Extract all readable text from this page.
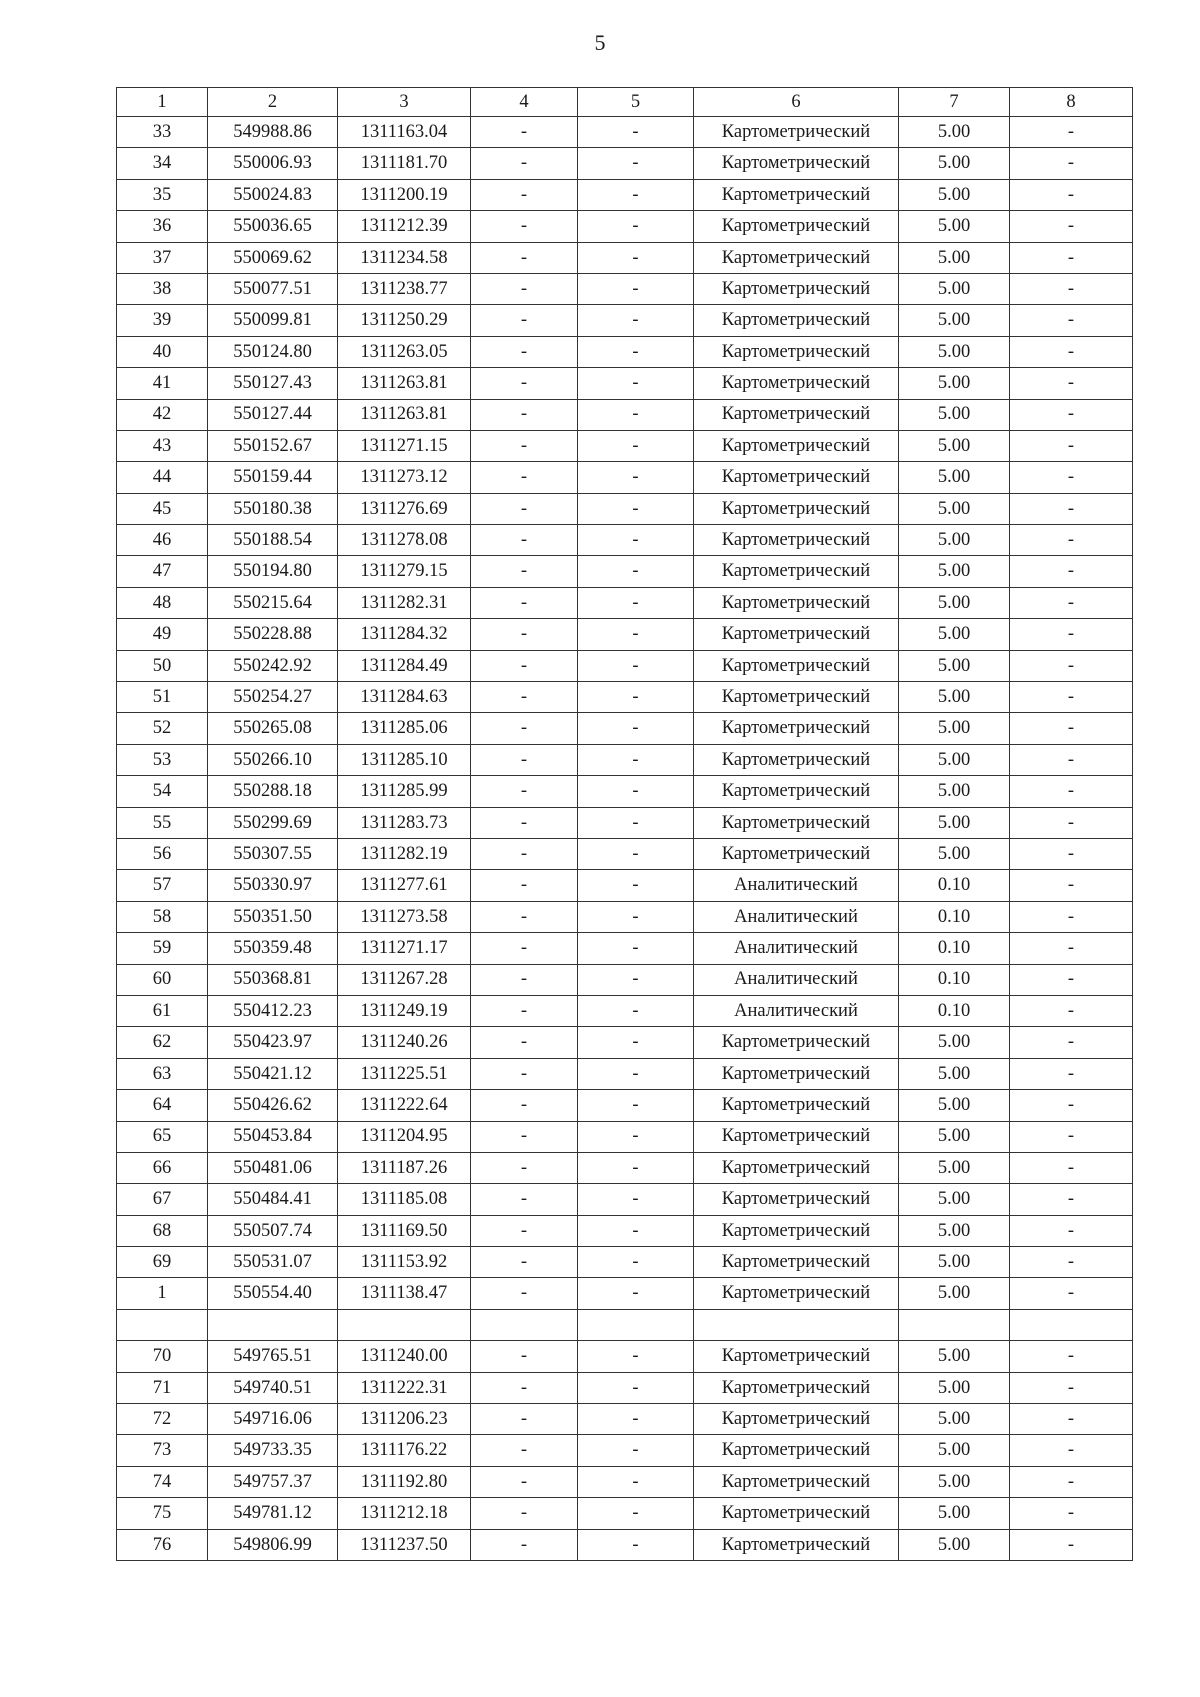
5
1	2	3	4	5	6	7	8
33	549988.86	1311163.04	-	-	Картометрический	5.00	-
34	550006.93	1311181.70	-	-	Картометрический	5.00	-
35	550024.83	1311200.19	-	-	Картометрический	5.00	-
36	550036.65	1311212.39	-	-	Картометрический	5.00	-
37	550069.62	1311234.58	-	-	Картометрический	5.00	-
38	550077.51	1311238.77	-	-	Картометрический	5.00	-
39	550099.81	1311250.29	-	-	Картометрический	5.00	-
40	550124.80	1311263.05	-	-	Картометрический	5.00	-
41	550127.43	1311263.81	-	-	Картометрический	5.00	-
42	550127.44	1311263.81	-	-	Картометрический	5.00	-
43	550152.67	1311271.15	-	-	Картометрический	5.00	-
44	550159.44	1311273.12	-	-	Картометрический	5.00	-
45	550180.38	1311276.69	-	-	Картометрический	5.00	-
46	550188.54	1311278.08	-	-	Картометрический	5.00	-
47	550194.80	1311279.15	-	-	Картометрический	5.00	-
48	550215.64	1311282.31	-	-	Картометрический	5.00	-
49	550228.88	1311284.32	-	-	Картометрический	5.00	-
50	550242.92	1311284.49	-	-	Картометрический	5.00	-
51	550254.27	1311284.63	-	-	Картометрический	5.00	-
52	550265.08	1311285.06	-	-	Картометрический	5.00	-
53	550266.10	1311285.10	-	-	Картометрический	5.00	-
54	550288.18	1311285.99	-	-	Картометрический	5.00	-
55	550299.69	1311283.73	-	-	Картометрический	5.00	-
56	550307.55	1311282.19	-	-	Картометрический	5.00	-
57	550330.97	1311277.61	-	-	Аналитический	0.10	-
58	550351.50	1311273.58	-	-	Аналитический	0.10	-
59	550359.48	1311271.17	-	-	Аналитический	0.10	-
60	550368.81	1311267.28	-	-	Аналитический	0.10	-
61	550412.23	1311249.19	-	-	Аналитический	0.10	-
62	550423.97	1311240.26	-	-	Картометрический	5.00	-
63	550421.12	1311225.51	-	-	Картометрический	5.00	-
64	550426.62	1311222.64	-	-	Картометрический	5.00	-
65	550453.84	1311204.95	-	-	Картометрический	5.00	-
66	550481.06	1311187.26	-	-	Картометрический	5.00	-
67	550484.41	1311185.08	-	-	Картометрический	5.00	-
68	550507.74	1311169.50	-	-	Картометрический	5.00	-
69	550531.07	1311153.92	-	-	Картометрический	5.00	-
1	550554.40	1311138.47	-	-	Картометрический	5.00	-

70	549765.51	1311240.00	-	-	Картометрический	5.00	-
71	549740.51	1311222.31	-	-	Картометрический	5.00	-
72	549716.06	1311206.23	-	-	Картометрический	5.00	-
73	549733.35	1311176.22	-	-	Картометрический	5.00	-
74	549757.37	1311192.80	-	-	Картометрический	5.00	-
75	549781.12	1311212.18	-	-	Картометрический	5.00	-
76	549806.99	1311237.50	-	-	Картометрический	5.00	-
